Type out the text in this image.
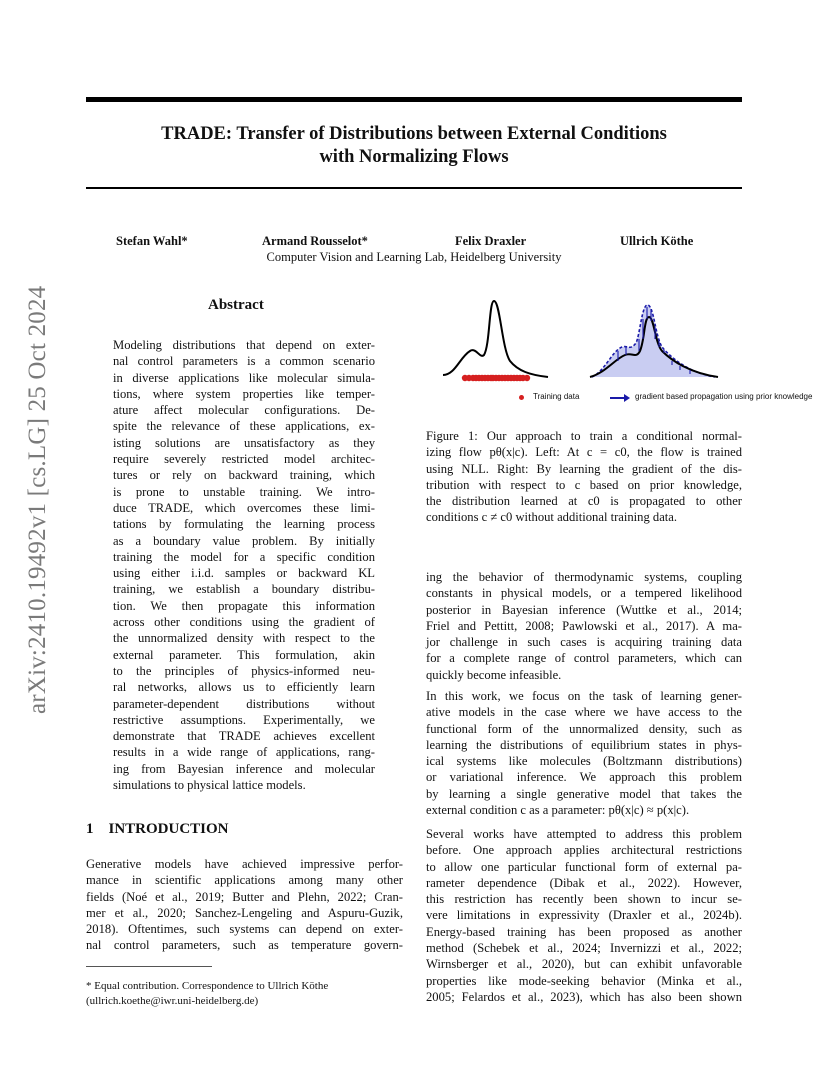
TRADE: Transfer of Distributions between External Conditions
with Normalizing Flows
Stefan Wahl*	Armand Rousselot*	Felix Draxler	Ullrich Köthe
Computer Vision and Learning Lab, Heidelberg University
arXiv:2410.19492v1 [cs.LG] 25 Oct 2024	Abstract
Modeling distributions that depend on exter-
nal control parameters is a common scenario
in diverse applications like molecular simula-
tions, where system properties like temper-
ature affect molecular configurations. De-
spite the relevance of these applications, ex-
isting solutions are unsatisfactory as they
require severely restricted model architec-
tures or rely on backward training, which
is prone to unstable training. We intro-
duce TRADE, which overcomes these limi-
tations by formulating the learning process
as a boundary value problem. By initially
training the model for a specific condition
using either i.i.d. samples or backward KL
training, we establish a boundary distribu-
tion. We then propagate this information
across other conditions using the gradient of
the unnormalized density with respect to the
external parameter. This formulation, akin
to the principles of physics-informed neu-
ral networks, allows us to efficiently learn
parameter-dependent distributions without
restrictive assumptions. Experimentally, we
demonstrate that TRADE achieves excellent
results in a wide range of applications, rang-
ing from Bayesian inference and molecular
simulations to physical lattice models.
1 INTRODUCTION
Generative models have achieved impressive perfor-
mance in scientific applications among many other
fields (Noé et al., 2019; Butter and Plehn, 2022; Cran-
mer et al., 2020; Sanchez-Lengeling and Aspuru-Guzik,
2018). Oftentimes, such systems can depend on exter-
nal control parameters, such as temperature govern-
* Equal contribution. Correspondence to Ullrich Köthe
(ullrich.koethe@iwr.uni-heidelberg.de)
Training data	gradient based propagation using prior knowledge
Figure 1: Our approach to train a conditional normal-
izing flow pθ(x|c). Left: At c = c0, the flow is trained
using NLL. Right: By learning the gradient of the dis-
tribution with respect to c based on prior knowledge,
the distribution learned at c0 is propagated to other
conditions c ≠ c0 without additional training data.
ing the behavior of thermodynamic systems, coupling
constants in physical models, or a tempered likelihood
posterior in Bayesian inference (Wuttke et al., 2014;
Friel and Pettitt, 2008; Pawlowski et al., 2017). A ma-
jor challenge in such cases is acquiring training data
for a complete range of control parameters, which can
quickly become infeasible.
In this work, we focus on the task of learning gener-
ative models in the case where we have access to the
functional form of the unnormalized density, such as
learning the distributions of equilibrium states in phys-
ical systems like molecules (Boltzmann distributions)
or variational inference. We approach this problem
by learning a single generative model that takes the
external condition c as a parameter: pθ(x|c) ≈ p(x|c).
Several works have attempted to address this problem
before. One approach applies architectural restrictions
to allow one particular functional form of external pa-
rameter dependence (Dibak et al., 2022). However,
this restriction has recently been shown to incur se-
vere limitations in expressivity (Draxler et al., 2024b).
Energy-based training has been proposed as another
method (Schebek et al., 2024; Invernizzi et al., 2022;
Wirnsberger et al., 2020), but can exhibit unfavorable
properties like mode-seeking behavior (Minka et al.,
2005; Felardos et al., 2023), which has also been shown
